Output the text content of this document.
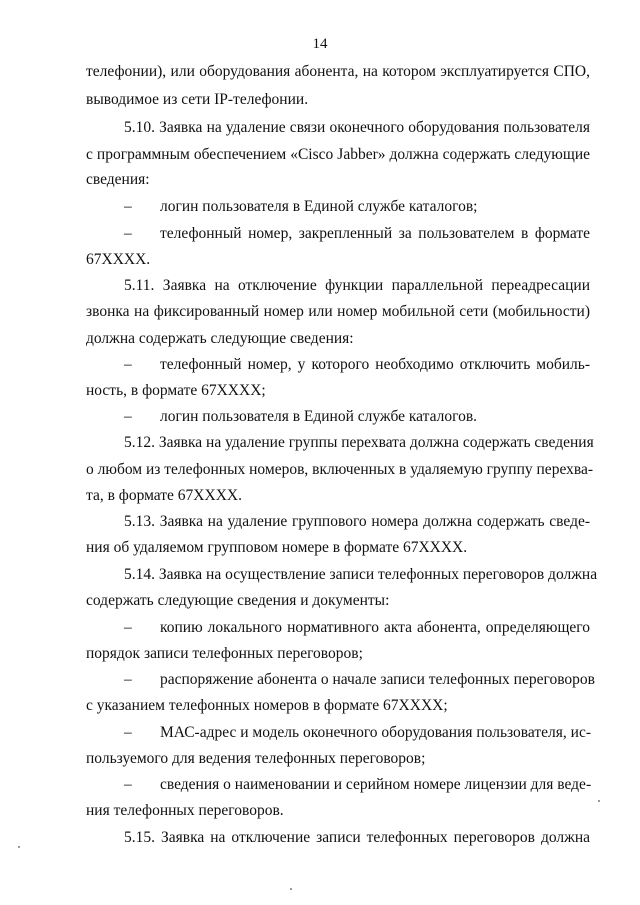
14
телефонии), или оборудования абонента, на котором эксплуатируется СПО,
выводимое из сети IP-телефонии.
5.10. Заявка на удаление связи оконечного оборудования пользователя
с программным обеспечением «Cisco Jabber» должна содержать следующие
сведения:
–	логин пользователя в Единой службе каталогов;
–	телефонный номер, закрепленный за пользователем в формате
67ХХХХ.
5.11. Заявка на отключение функции параллельной переадресации
звонка на фиксированный номер или номер мобильной сети (мобильности)
должна содержать следующие сведения:
–	телефонный номер, у которого необходимо отключить мобиль-
ность, в формате 67ХХХХ;
–	логин пользователя в Единой службе каталогов.
5.12. Заявка на удаление группы перехвата должна содержать сведения
о любом из телефонных номеров, включенных в удаляемую группу перехва-
та, в формате 67ХХХХ.
5.13. Заявка на удаление группового номера должна содержать сведе-
ния об удаляемом групповом номере в формате 67ХХХХ.
5.14. Заявка на осуществление записи телефонных переговоров должна
содержать следующие сведения и документы:
–	копию локального нормативного акта абонента, определяющего
порядок записи телефонных переговоров;
–	распоряжение абонента о начале записи телефонных переговоров
с указанием телефонных номеров в формате 67ХХХХ;
–	МАС-адрес и модель оконечного оборудования пользователя, ис-
пользуемого для ведения телефонных переговоров;
–	сведения о наименовании и серийном номере лицензии для веде-
ния телефонных переговоров.
5.15. Заявка на отключение записи телефонных переговоров должна
